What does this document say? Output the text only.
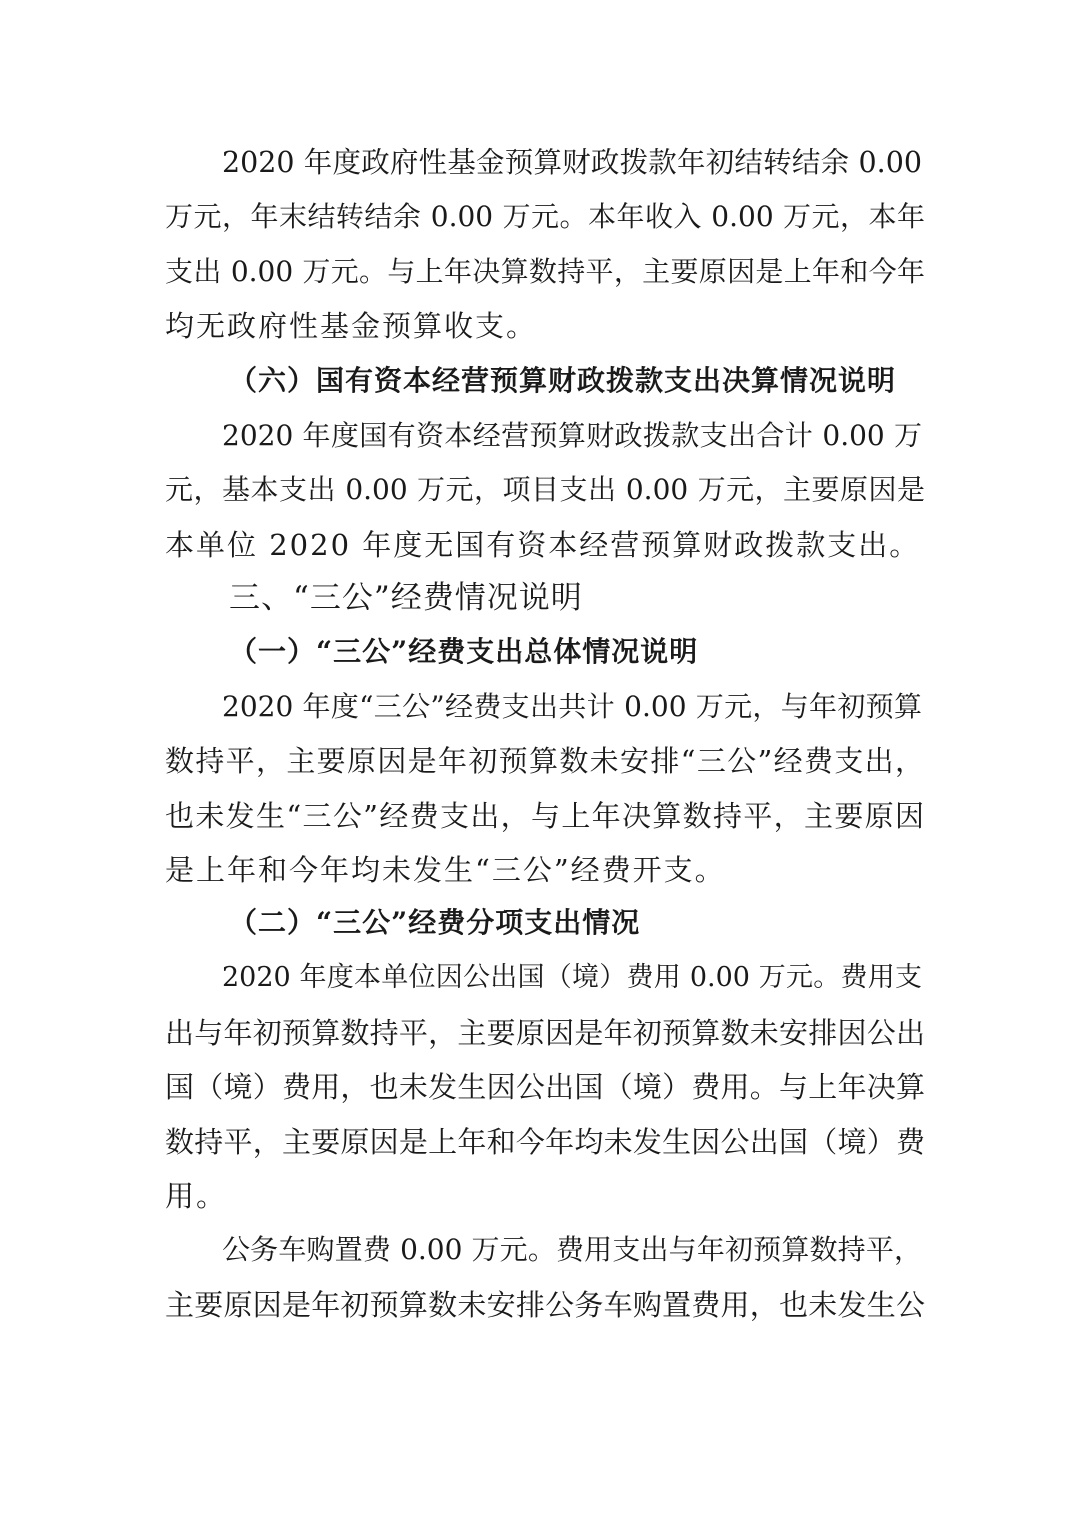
2020 年度政府性基金预算财政拨款年初结转结余 0.00

万元，年末结转结余 0.00 万元。本年收入 0.00 万元，本年

支出 0.00 万元。与上年决算数持平，主要原因是上年和今年

均无政府性基金预算收支。

（六）国有资本经营预算财政拨款支出决算情况说明

2020 年度国有资本经营预算财政拨款支出合计 0.00 万

元，基本支出 0.00 万元，项目支出 0.00 万元，主要原因是

本单位 2020 年度无国有资本经营预算财政拨款支出。

三、“三公”经费情况说明
（一）“三公”经费支出总体情况说明

2020 年度“三公”经费支出共计 0.00 万元，与年初预算

数持平，主要原因是年初预算数未安排“三公”经费支出，

也未发生“三公”经费支出，与上年决算数持平，主要原因

是上年和今年均未发生“三公”经费开支。

（二）“三公”经费分项支出情况

2020 年度本单位因公出国（境）费用 0.00 万元。费用支

出与年初预算数持平，主要原因是年初预算数未安排因公出

国（境）费用，也未发生因公出国（境）费用。与上年决算

数持平，主要原因是上年和今年均未发生因公出国（境）费

用。

公务车购置费 0.00 万元。费用支出与年初预算数持平，

主要原因是年初预算数未安排公务车购置费用，也未发生公
